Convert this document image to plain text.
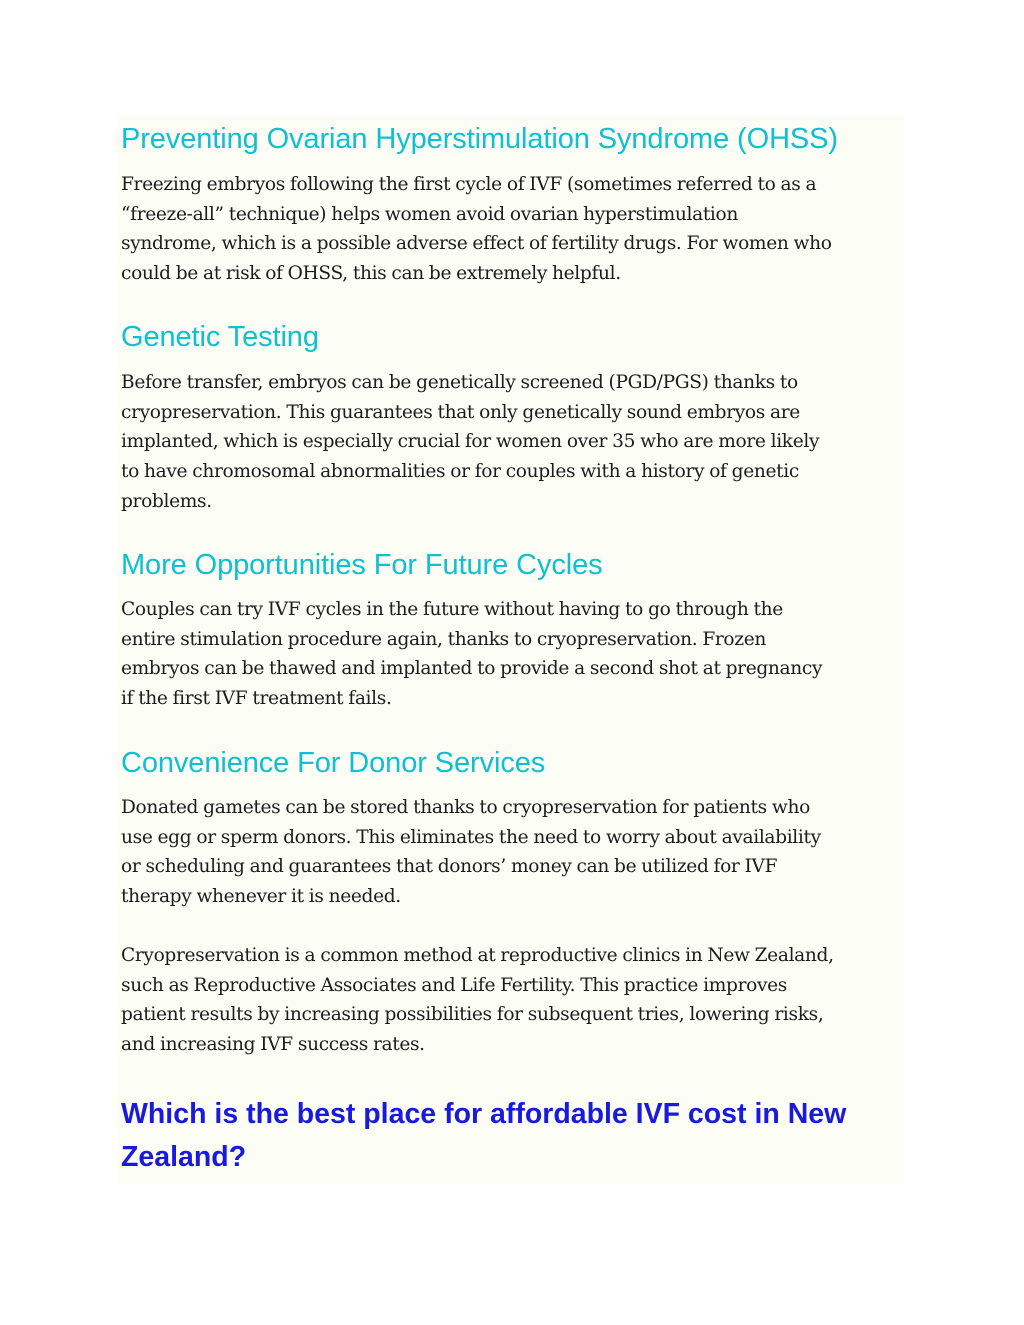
Preventing Ovarian Hyperstimulation Syndrome (OHSS)

Freezing embryos following the first cycle of IVF (sometimes referred to as a
“freeze-all” technique) helps women avoid ovarian hyperstimulation
syndrome, which is a possible adverse effect of fertility drugs. For women who
could be at risk of OHSS, this can be extremely helpful.

Genetic Testing

Before transfer, embryos can be genetically screened (PGD/PGS) thanks to
cryopreservation. This guarantees that only genetically sound embryos are
implanted, which is especially crucial for women over 35 who are more likely
to have chromosomal abnormalities or for couples with a history of genetic
problems.

More Opportunities For Future Cycles

Couples can try IVF cycles in the future without having to go through the
entire stimulation procedure again, thanks to cryopreservation. Frozen
embryos can be thawed and implanted to provide a second shot at pregnancy
if the first IVF treatment fails.

Convenience For Donor Services

Donated gametes can be stored thanks to cryopreservation for patients who
use egg or sperm donors. This eliminates the need to worry about availability
or scheduling and guarantees that donors’ money can be utilized for IVF
therapy whenever it is needed.

Cryopreservation is a common method at reproductive clinics in New Zealand,
such as Reproductive Associates and Life Fertility. This practice improves
patient results by increasing possibilities for subsequent tries, lowering risks,
and increasing IVF success rates.

Which is the best place for affordable IVF cost in New
Zealand?
